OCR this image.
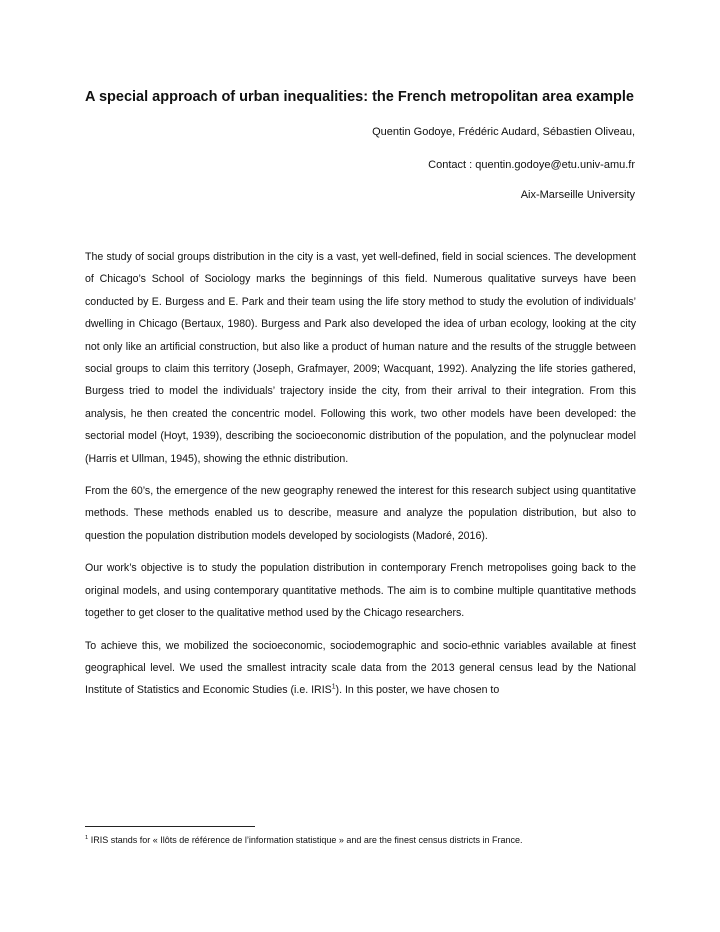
A special approach of urban inequalities: the French metropolitan area example

Quentin Godoye, Frédéric Audard, Sébastien Oliveau,

Contact : quentin.godoye@etu.univ-amu.fr

Aix-Marseille University

The study of social groups distribution in the city is a vast, yet well-defined, field in social sciences. The development of Chicago’s School of Sociology marks the beginnings of this field. Numerous qualitative surveys have been conducted by E. Burgess and E. Park and their team using the life story method to study the evolution of individuals’ dwelling in Chicago (Bertaux, 1980). Burgess and Park also developed the idea of urban ecology, looking at the city not only like an artificial construction, but also like a product of human nature and the results of the struggle between social groups to claim this territory (Joseph, Grafmayer, 2009; Wacquant, 1992). Analyzing the life stories gathered, Burgess tried to model the individuals’ trajectory inside the city, from their arrival to their integration. From this analysis, he then created the concentric model. Following this work, two other models have been developed: the sectorial model (Hoyt, 1939), describing the socioeconomic distribution of the population, and the polynuclear model (Harris et Ullman, 1945), showing the ethnic distribution.

From the 60’s, the emergence of the new geography renewed the interest for this research subject using quantitative methods. These methods enabled us to describe, measure and analyze the population distribution, but also to question the population distribution models developed by sociologists (Madoré, 2016).

Our work’s objective is to study the population distribution in contemporary French metropolises going back to the original models, and using contemporary quantitative methods. The aim is to combine multiple quantitative methods together to get closer to the qualitative method used by the Chicago researchers.

To achieve this, we mobilized the socioeconomic, sociodemographic and socio-ethnic variables available at finest geographical level. We used the smallest intracity scale data from the 2013 general census lead by the National Institute of Statistics and Economic Studies (i.e. IRIS$^1$). In this poster, we have chosen to

$^1$ IRIS stands for « Ilôts de référence de l’information statistique » and are the finest census districts in France.
